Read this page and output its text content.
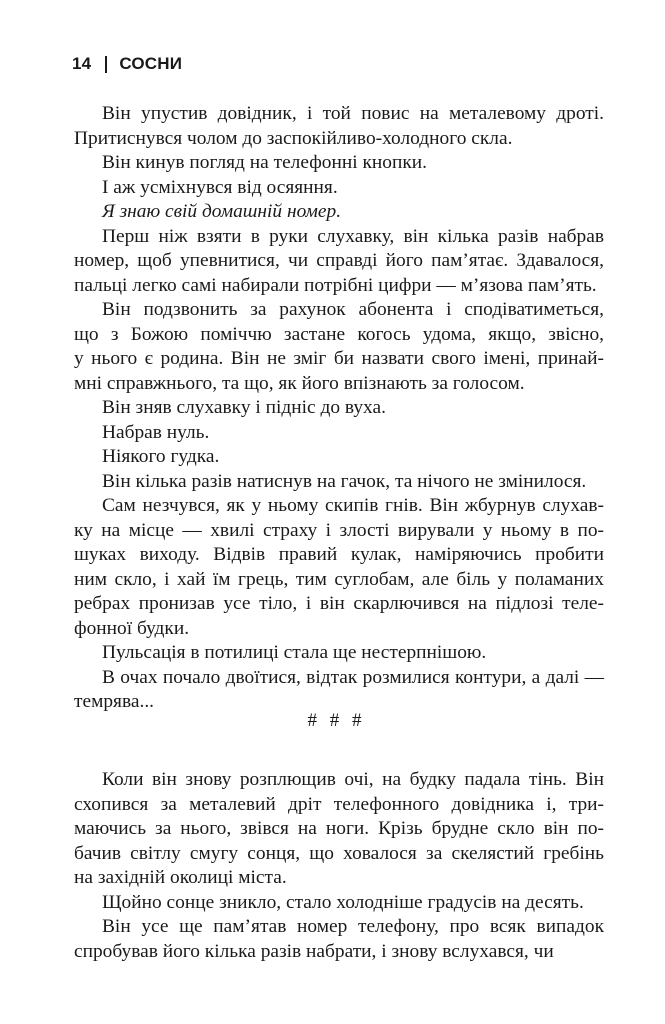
14 СОСНИ

Він упустив довідник, і той повис на металевому дроті.
Притиснувся чолом до заспокійливо-холодного скла.

Він кинув погляд на телефонні кнопки.

І аж усміхнувся від осяяння.

Я знаю свій домашній номер.

Перш ніж взяти в руки слухавку, він кілька разів набрав
номер, щоб упевнитися, чи справді його пам’ятає. Здавалося,
пальці легко самі набирали потрібні цифри — м’язова пам’ять.

Він подзвонить за рахунок абонента і сподіватиметься,
що з Божою поміччю застане когось удома, якщо, звісно,
у нього є родина. Він не зміг би назвати свого імені, принай-
мні справжнього, та що, як його впізнають за голосом.

Він зняв слухавку і підніс до вуха.

Набрав нуль.

Ніякого гудка.

Він кілька разів натиснув на гачок, та нічого не змінилося.

Сам незчувся, як у ньому скипів гнів. Він жбурнув слухав-
ку на місце — хвилі страху і злості вирували у ньому в по-
шуках виходу. Відвів правий кулак, наміряючись пробити
ним скло, і хай їм грець, тим суглобам, але біль у поламаних
ребрах пронизав усе тіло, і він скарлючився на підлозі теле-
фонної будки.

Пульсація в потилиці стала ще нестерпнішою.

В очах почало двоїтися, відтак розмилися контури, а далі —
темрява...

# # #

Коли він знову розплющив очі, на будку падала тінь. Він
схопився за металевий дріт телефонного довідника і, три-
маючись за нього, звівся на ноги. Крізь брудне скло він по-
бачив світлу смугу сонця, що ховалося за скелястий гребінь
на західній околиці міста.

Щойно сонце зникло, стало холодніше градусів на десять.

Він усе ще пам’ятав номер телефону, про всяк випадок
спробував його кілька разів набрати, і знову вслухався, чи
